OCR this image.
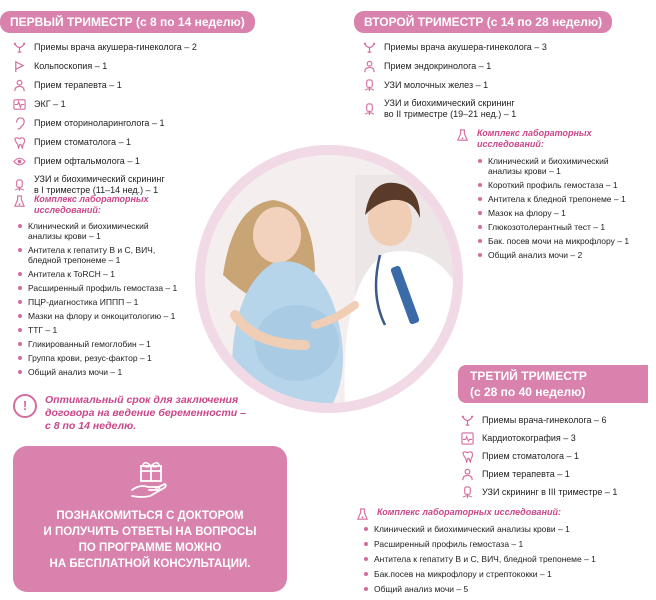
ПЕРВЫЙ ТРИМЕСТР (с 8 по 14 неделю)
Приемы врача акушера-гинеколога – 2
Кольпоскопия – 1
Прием терапевта – 1
ЭКГ – 1
Прием оториноларинголога – 1
Прием стоматолога – 1
Прием офтальмолога – 1
УЗИ и биохимический скрининг
в I триместре (11–14 нед.) – 1
Комплекс лабораторных
исследований:
Клинический и биохимический
анализы крови – 1
Антитела к гепатиту В и С, ВИЧ,
бледной трепонеме – 1
Антитела к ToRCH – 1
Расширенный профиль гемостаза – 1
ПЦР-диагностика ИППП – 1
Мазки на флору и онкоцитологию – 1
ТТГ – 1
Гликированный гемоглобин – 1
Группа крови, резус-фактор – 1
Общий анализ мочи – 1
ВТОРОЙ ТРИМЕСТР (с 14 по 28 неделю)
Приемы врача акушера-гинеколога – 3
Прием эндокринолога – 1
УЗИ молочных желез – 1
УЗИ и биохимический скрининг
во II триместре (19–21 нед.) – 1
Комплекс лабораторных
исследований:
Клинический и биохимический
анализы крови – 1
Короткий профиль гемостаза – 1
Антитела к бледной трепонеме – 1
Мазок на флору – 1
Глюкозотолерантный тест – 1
Бак. посев мочи на микрофлору – 1
Общий анализ мочи – 2
ТРЕТИЙ ТРИМЕСТР
(с 28 по 40 неделю)
Приемы врача-гинеколога – 6
Кардиотокография – 3
Прием стоматолога – 1
Прием терапевта – 1
УЗИ скрининг в III триместре – 1
Комплекс лабораторных исследований:
Клинический и биохимический анализы крови – 1
Расширенный профиль гемостаза – 1
Антитела к гепатиту В и С, ВИЧ, бледной трепонеме – 1
Бак.посев на микрофлору и стрептококки – 1
Общий анализ мочи – 5
!	Оптимальный срок для заключения
договора на ведение беременности –
с 8 по 14 неделю.
ПОЗНАКОМИТЬСЯ С ДОКТОРОМ
И ПОЛУЧИТЬ ОТВЕТЫ НА ВОПРОСЫ
ПО ПРОГРАММЕ МОЖНО
НА БЕСПЛАТНОЙ КОНСУЛЬТАЦИИ.
